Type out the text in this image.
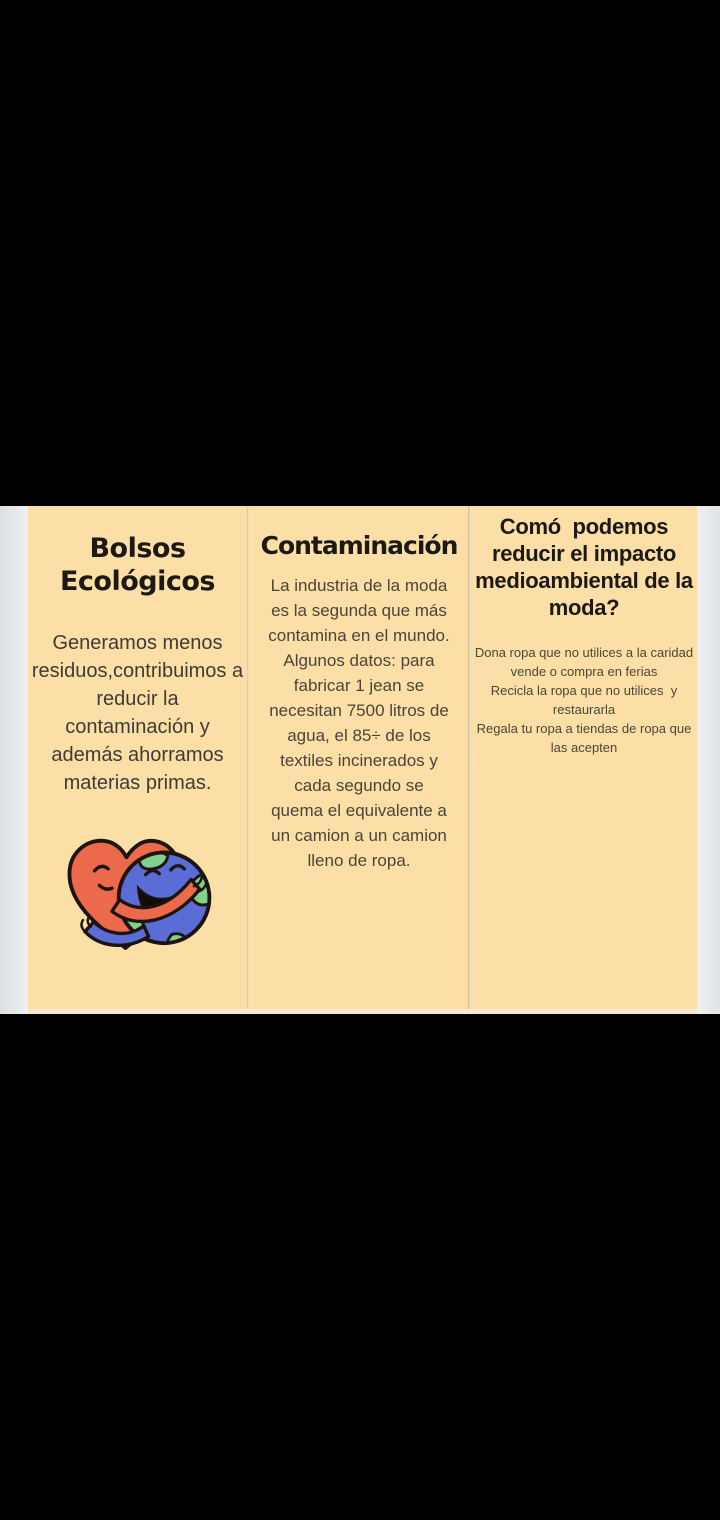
Bolsos
Ecológicos
Generamos menos residuos,contribuimos a reducir la contaminación y además ahorramos materias primas.
Contaminación
La industria de la moda es la segunda que más contamina en el mundo. Algunos datos: para fabricar 1 jean se necesitan 7500 litros de agua, el 85÷ de los textiles incinerados y cada segundo se quema el equivalente a un camion a un camion lleno de ropa.
Comó  podemos
reducir el impacto
medioambiental de la
moda?
Dona ropa que no utilices a la caridad
vende o compra en ferias
Recicla la ropa que no utilices  y
restaurarla
Regala tu ropa a tiendas de ropa que
las acepten
